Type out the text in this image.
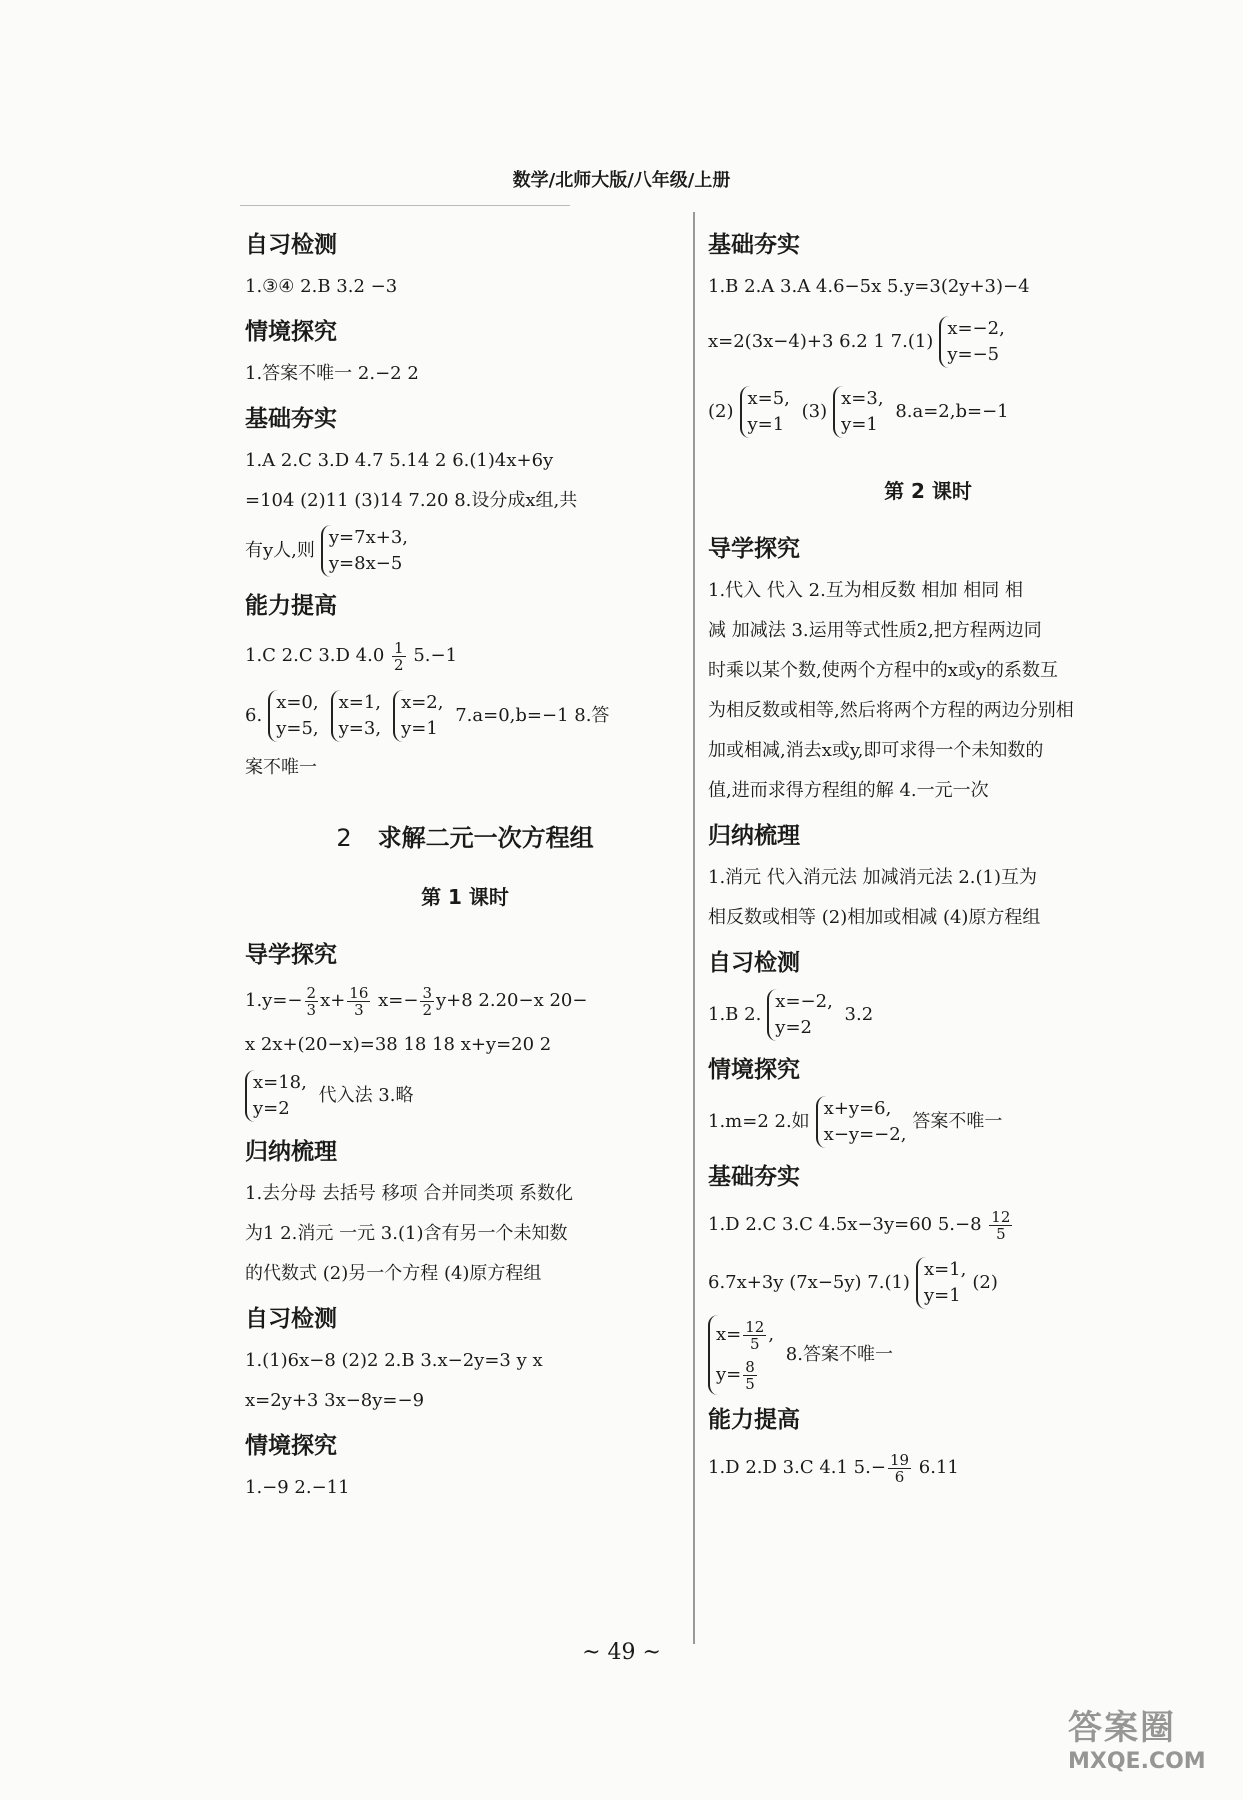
数学/北师大版/八年级/上册
自习检测
1.③④ 2.B 3.2 −3
情境探究
1.答案不唯一 2.−2 2
基础夯实
1.A 2.C 3.D 4.7 5.14 2 6.(1)4x+6y
=104 (2)11 (3)14 7.20 8.设分成x组,共
有y人,则y=7x+3,
y=8x−5
能力提高
1.C 2.C 3.D $4.0 \frac{1}{2} 5.-1$
6.x=0,
y=5,x=1,
y=3,x=2,
y=1 7.a=0,b=−1 8.答
案不唯一
2 求解二元一次方程组
第 1 课时
导学探究
$1.y=- \frac{2}{3} x+ \frac{16}{3} x=- \frac{3}{2} y+8$ 2.20−x 20−
x 2x+(20−x)=38 18 18 x+y=20 2
x=18,
y=2 代入法 3.略
归纳梳理
1.去分母 去括号 移项 合并同类项 系数化
为1 2.消元 一元 3.(1)含有另一个未知数
的代数式 (2)另一个方程 (4)原方程组
自习检测
1.(1)6x−8 (2)2 2.B 3.x−2y=3 y x
x=2y+3 3x−8y=−9
情境探究
1.−9 2.−11
基础夯实
1.B 2.A 3.A 4.6−5x 5.y=3(2y+3)−4
x=2(3x−4)+3 6.2 1 7.(1)x=−2,
y=−5
(2)x=5,
y=1 (3)x=3,
y=1 8.a=2,b=−1
第 2 课时
导学探究
1.代入 代入 2.互为相反数 相加 相同 相
减 加减法 3.运用等式性质2,把方程两边同
时乘以某个数,使两个方程中的x或y的系数互
为相反数或相等,然后将两个方程的两边分别相
加或相减,消去x或y,即可求得一个未知数的
值,进而求得方程组的解 4.一元一次
归纳梳理
1.消元 代入消元法 加减消元法 2.(1)互为
相反数或相等 (2)相加或相减 (4)原方程组
自习检测
1.B 2.x=−2,
y=2 3.2
情境探究
1.m=2 2.如x+y=6,
x−y=−2,答案不唯一
基础夯实
1.D 2.C 3.C 4.5x−3y=60 $5.-8 \frac{12}{5}$
6.7x+3y (7x−5y) 7.(1)x=1,
y=1(2)
$x= \frac{12}{5}$ ,
$y= \frac{8}{5}$
8.答案不唯一
能力提高
1.D 2.D 3.C 4.1 $5.- \frac{19}{6} 6.11$
~ 49 ~
答案圈
MXQE.COM
